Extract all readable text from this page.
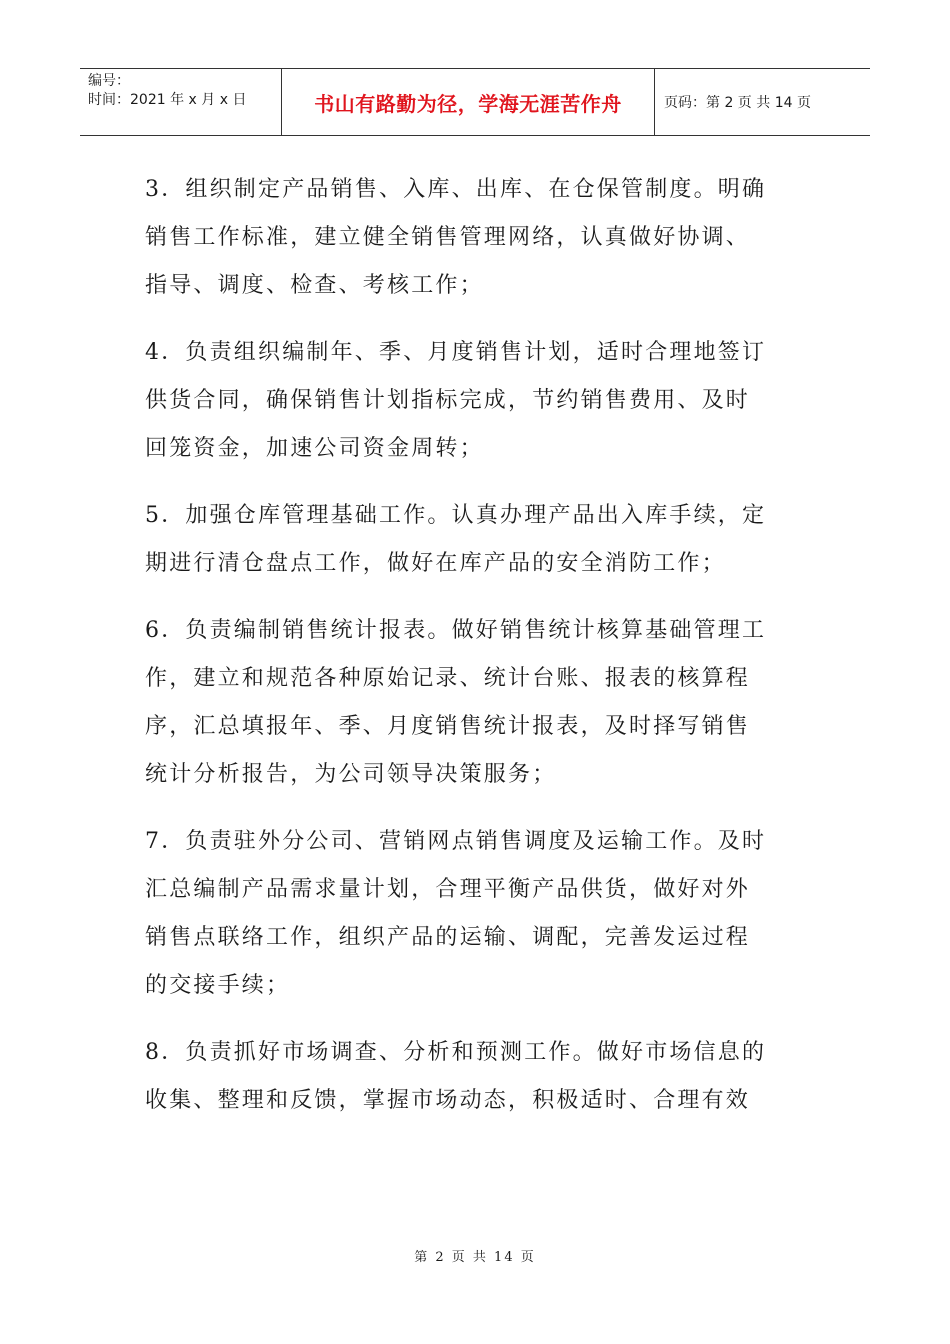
编号：
时间：2021 年 x 月 x 日	书山有路勤为径，学海无涯苦作舟	页码：第 2 页 共 14 页
3．组织制定产品销售、入库、出库、在仓保管制度。明确
销售工作标准，建立健全销售管理网络，认真做好协调、
指导、调度、检查、考核工作；
4．负责组织编制年、季、月度销售计划，适时合理地签订
供货合同，确保销售计划指标完成，节约销售费用、及时
回笼资金，加速公司资金周转；
5．加强仓库管理基础工作。认真办理产品出入库手续，定
期进行清仓盘点工作，做好在库产品的安全消防工作；
6．负责编制销售统计报表。做好销售统计核算基础管理工
作，建立和规范各种原始记录、统计台账、报表的核算程
序，汇总填报年、季、月度销售统计报表，及时择写销售
统计分析报告，为公司领导决策服务；
7．负责驻外分公司、营销网点销售调度及运输工作。及时
汇总编制产品需求量计划，合理平衡产品供货，做好对外
销售点联络工作，组织产品的运输、调配，完善发运过程
的交接手续；
8．负责抓好市场调查、分析和预测工作。做好市场信息的
收集、整理和反馈，掌握市场动态，积极适时、合理有效
第 2 页 共 14 页
